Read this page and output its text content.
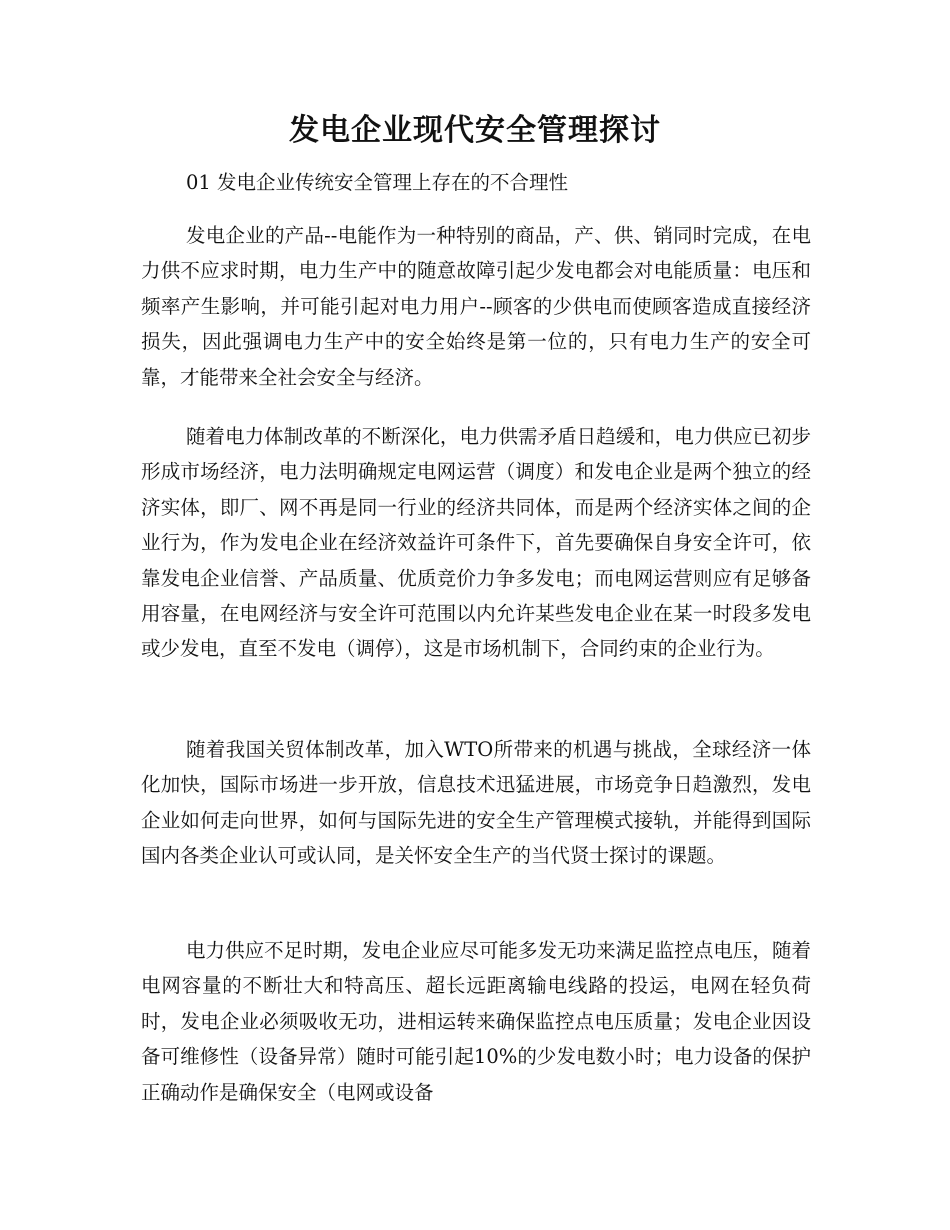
发电企业现代安全管理探讨

01 发电企业传统安全管理上存在的不合理性

发电企业的产品--电能作为一种特别的商品，产、供、销同时完成，在电力供不应求时期，电力生产中的随意故障引起少发电都会对电能质量：电压和频率产生影响，并可能引起对电力用户--顾客的少供电而使顾客造成直接经济损失，因此强调电力生产中的安全始终是第一位的，只有电力生产的安全可靠，才能带来全社会安全与经济。

随着电力体制改革的不断深化，电力供需矛盾日趋缓和，电力供应已初步形成市场经济，电力法明确规定电网运营（调度）和发电企业是两个独立的经济实体，即厂、网不再是同一行业的经济共同体，而是两个经济实体之间的企业行为，作为发电企业在经济效益许可条件下，首先要确保自身安全许可，依靠发电企业信誉、产品质量、优质竞价力争多发电；而电网运营则应有足够备用容量，在电网经济与安全许可范围以内允许某些发电企业在某一时段多发电或少发电，直至不发电（调停），这是市场机制下，合同约束的企业行为。

随着我国关贸体制改革，加入WTO所带来的机遇与挑战，全球经济一体化加快，国际市场进一步开放，信息技术迅猛进展，市场竞争日趋激烈，发电企业如何走向世界，如何与国际先进的安全生产管理模式接轨，并能得到国际国内各类企业认可或认同，是关怀安全生产的当代贤士探讨的课题。

电力供应不足时期，发电企业应尽可能多发无功来满足监控点电压，随着电网容量的不断壮大和特高压、超长远距离输电线路的投运，电网在轻负荷时，发电企业必须吸收无功，进相运转来确保监控点电压质量；发电企业因设备可维修性（设备异常）随时可能引起10%的少发电数小时；电力设备的保护正确动作是确保安全（电网或设备
